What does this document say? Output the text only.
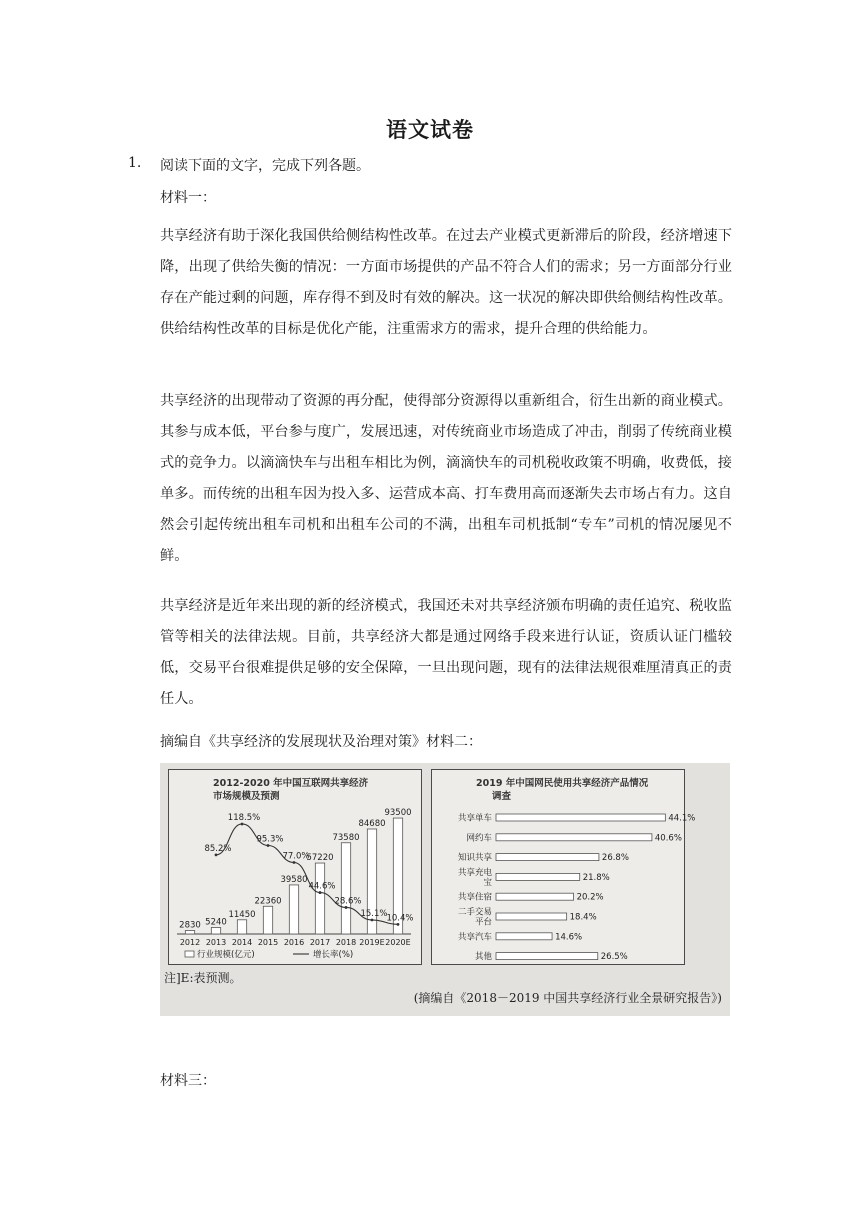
语文试卷
1. 阅读下面的文字，完成下列各题。
材料一：

共享经济有助于深化我国供给侧结构性改革。在过去产业模式更新滞后的阶段，经济增速下降，出现了供给失衡的情况：一方面市场提供的产品不符合人们的需求；另一方面部分行业存在产能过剩的问题，库存得不到及时有效的解决。这一状况的解决即供给侧结构性改革。供给结构性改革的目标是优化产能，注重需求方的需求，提升合理的供给能力。

共享经济的出现带动了资源的再分配，使得部分资源得以重新组合，衍生出新的商业模式。其参与成本低，平台参与度广，发展迅速，对传统商业市场造成了冲击，削弱了传统商业模式的竞争力。以滴滴快车与出租车相比为例，滴滴快车的司机税收政策不明确，收费低，接单多。而传统的出租车因为投入多、运营成本高、打车费用高而逐渐失去市场占有力。这自然会引起传统出租车司机和出租车公司的不满，出租车司机抵制“专车”司机的情况屡见不鲜。

共享经济是近年来出现的新的经济模式，我国还未对共享经济颁布明确的责任追究、税收监管等相关的法律法规。目前，共享经济大都是通过网络手段来进行认证，资质认证门槛较低，交易平台很难提供足够的安全保障，一旦出现问题，现有的法律法规很难厘清真正的责任人。

摘编自《共享经济的发展现状及治理对策》材料二：
2012-2020 年中国互联网共享经济
市场规模及预测
2830
2012
5240
2013
11450
2014
22360
2015
39580
2016
57220
2017
73580
2018
84680
2019E
93500
2020E
85.2%
118.5%
95.3%
77.0%
44.6%
28.6%
15.1%
10.4%
行业规模(亿元)	增长率(%)
2019 年中国网民使用共享经济产品情况
调查
共享单车	44.1%
网约车	40.6%
知识共享	26.8%
共享充电
宝	21.8%
共享住宿	20.2%
二手交易
平台	18.4%
共享汽车	14.6%
其他	26.5%
注]E:表预测。
(摘编自《2018－2019 中国共享经济行业全景研究报告》)
材料三：
